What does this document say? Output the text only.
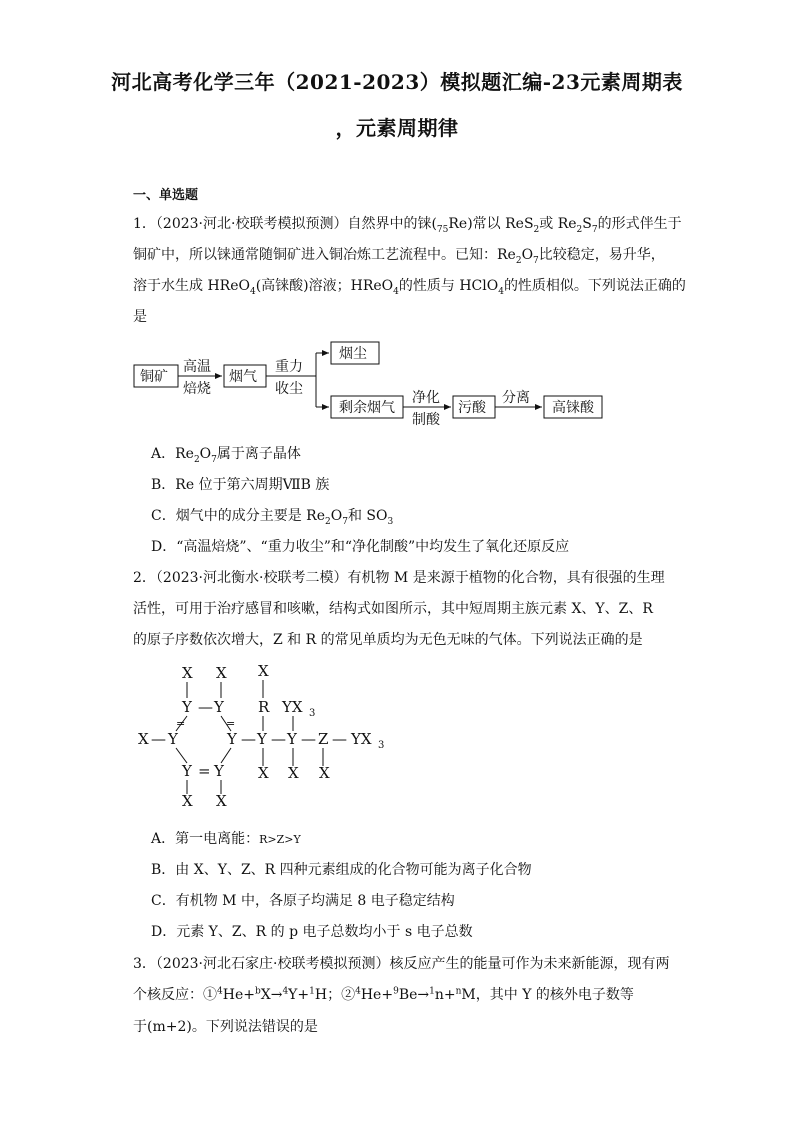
河北高考化学三年（2021-2023）模拟题汇编-23元素周期表
，元素周期律
一、单选题
1．（2023·河北·校联考模拟预测）自然界中的铼$(_{75}Re)$常以 ReS$_2$或 $Re_2S_7$的形式伴生于
铜矿中，所以铼通常随铜矿进入铜冶炼工艺流程中。已知：$Re_2O_7$比较稳定，易升华，
溶于水生成 HReO$_4$(高铼酸)溶液；HReO$_4$的性质与 HClO$_4$的性质相似。下列说法正确的
是
铜矿	烟气
烟尘
剩余烟气	污酸	高铼酸
高温
焙烧
重力
收尘
净化
制酸
分离
A．$Re_2O_7$属于离子晶体
B．Re 位于第六周期ⅦB 族
C．烟气中的成分主要是 $Re_2O_7$和 $SO_3$
D．“高温焙烧”、“重力收尘”和“净化制酸”中均发生了氧化还原反应
2．（2023·河北衡水·校联考二模）有机物 M 是来源于植物的化合物，具有很强的生理
活性，可用于治疗感冒和咳嗽，结构式如图所示，其中短周期主族元素 X、Y、Z、R
的原子序数依次增大，Z 和 R 的常见单质均为无色无味的气体。下列说法正确的是
X X
Y — Y
X — Y	Y — Y — Y — Z — YX 3
Y = Y
X X
X
R YX 3
X X X
=	=
A．第一电离能：R>Z>Y
B．由 X、Y、Z、R 四种元素组成的化合物可能为离子化合物
C．有机物 M 中，各原子均满足 8 电子稳定结构
D．元素 Y、Z、R 的 p 电子总数均小于 s 电子总数
3．（2023·河北石家庄·校联考模拟预测）核反应产生的能量可作为未来新能源，现有两
个核反应：①$^4$He+$^b$X→$^4$Y+$^1$H；②$^4$He+$^9$Be→$^1$n+$^n$M，其中 Y 的核外电子数等
于(m+2)。下列说法错误的是
